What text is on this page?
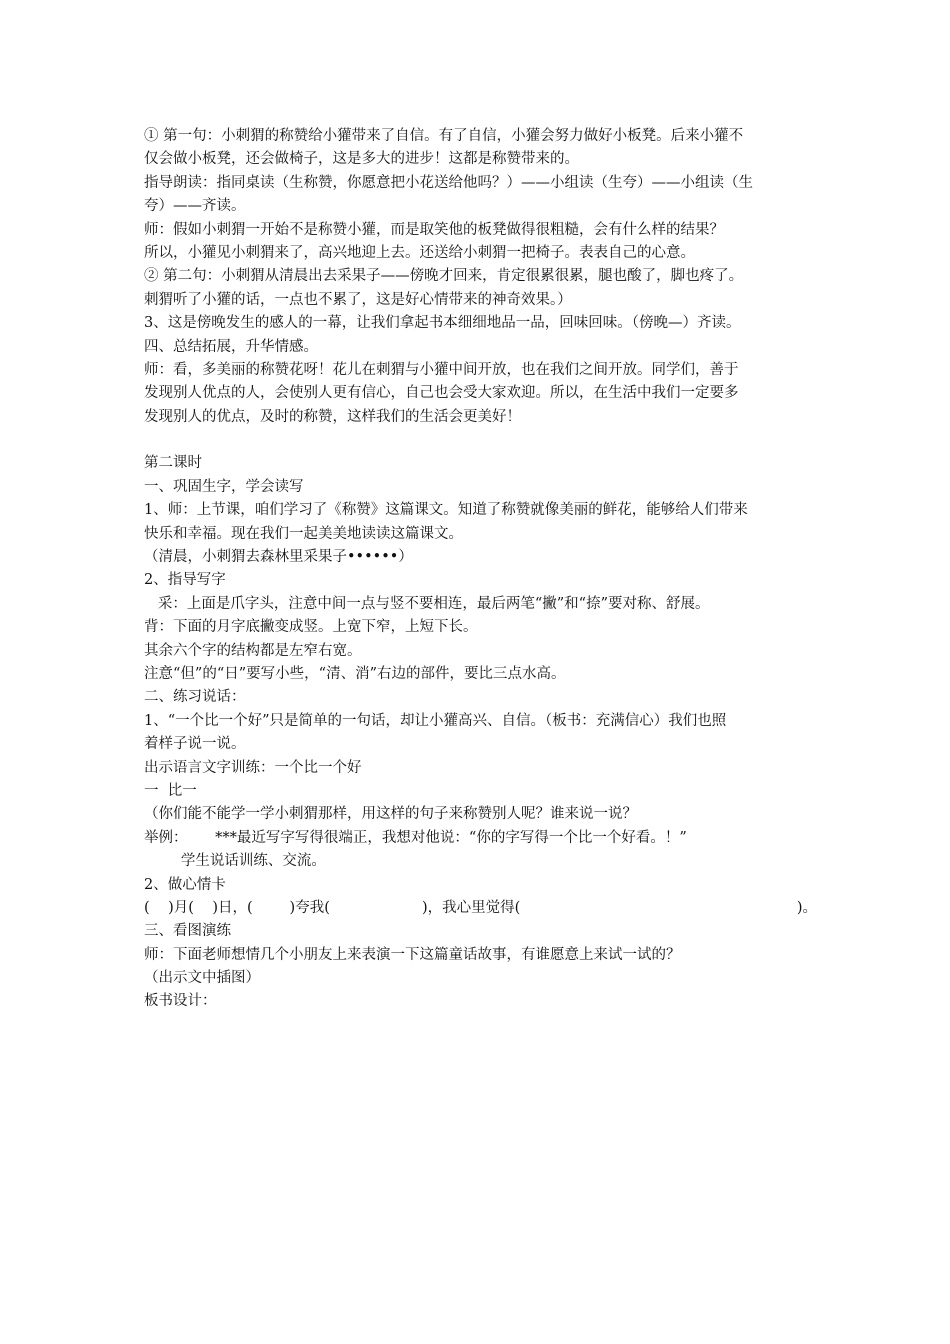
① 第一句：小刺猬的称赞给小獾带来了自信。有了自信，小獾会努力做好小板凳。后来小獾不
仅会做小板凳，还会做椅子，这是多大的进步！这都是称赞带来的。
指导朗读：指同桌读（生称赞，你愿意把小花送给他吗？）——小组读（生夸）——小组读（生
夸）——齐读。
师：假如小刺猬一开始不是称赞小獾，而是取笑他的板凳做得很粗糙，会有什么样的结果？
所以，小獾见小刺猬来了，高兴地迎上去。还送给小刺猬一把椅子。表表自己的心意。
② 第二句：小刺猬从清晨出去采果子——傍晚才回来，肯定很累很累，腿也酸了，脚也疼了。
刺猬听了小獾的话，一点也不累了，这是好心情带来的神奇效果。）
3、这是傍晚发生的感人的一幕，让我们拿起书本细细地品一品，回味回味。（傍晚—）齐读。
四、总结拓展，升华情感。
师：看，多美丽的称赞花呀！花儿在刺猬与小獾中间开放，也在我们之间开放。同学们，善于
发现别人优点的人，会使别人更有信心，自己也会受大家欢迎。所以，在生活中我们一定要多
发现别人的优点，及时的称赞，这样我们的生活会更美好！
第二课时
一、巩固生字，学会读写
1、师：上节课，咱们学习了《称赞》这篇课文。知道了称赞就像美丽的鲜花，能够给人们带来
快乐和幸福。现在我们一起美美地读读这篇课文。
（清晨，小刺猬去森林里采果子••••••）
2、指导写字
采：上面是爪字头，注意中间一点与竖不要相连，最后两笔“撇”和“捺”要对称、舒展。
背：下面的月字底撇变成竖。上宽下窄，上短下长。
其余六个字的结构都是左窄右宽。
注意“但”的“日”要写小些，“清、消”右边的部件，要比三点水高。
二、练习说话：
1、“一个比一个好”只是简单的一句话，却让小獾高兴、自信。（板书：充满信心）我们也照
着样子说一说。
出示语言文字训练：一个比一个好
一  比一
（你们能不能学一学小刺猬那样，用这样的句子来称赞别人呢？谁来说一说？
举例：      ***最近写字写得很端正，我想对他说：“你的字写得一个比一个好看。！”
学生说话训练、交流。
2、做心情卡
(    )月(    )日，(        )夸我(                    )，我心里觉得(                                                            )。
三、看图演练
师：下面老师想情几个小朋友上来表演一下这篇童话故事，有谁愿意上来试一试的？
（出示文中插图）
板书设计：
